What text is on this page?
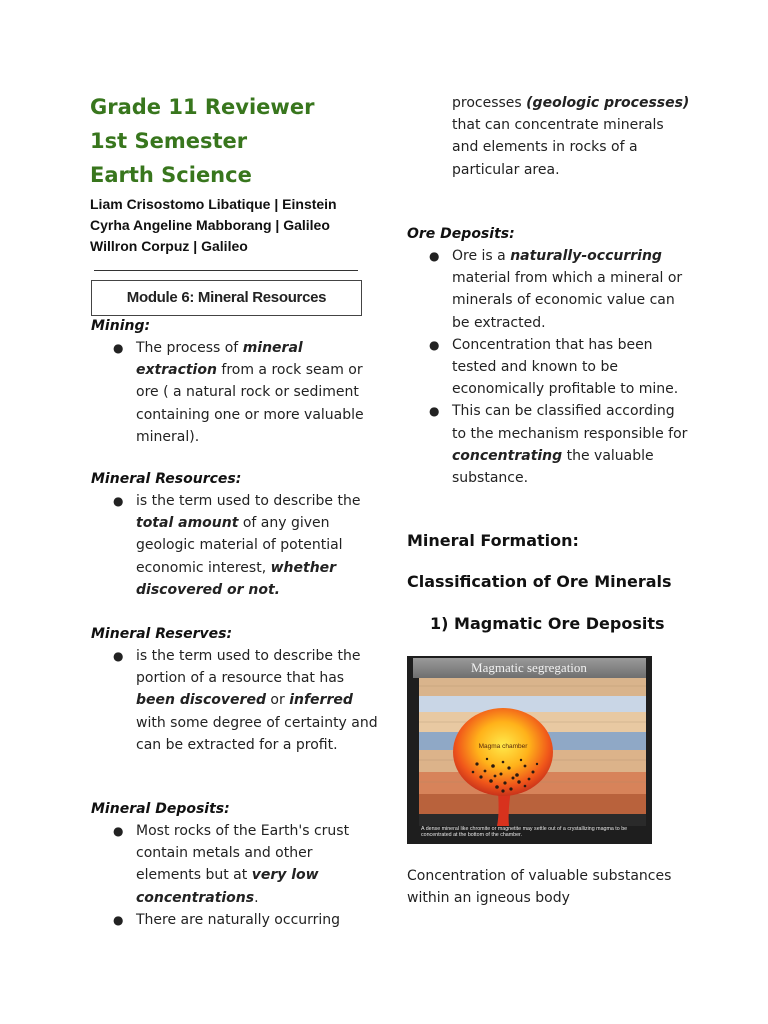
Grade 11 Reviewer

1st Semester

Earth Science

Liam Crisostomo Libatique | Einstein
Cyrha Angeline Mabborang | Galileo
Willron Corpuz | Galileo
Module 6: Mineral Resources
Mining:
● The process of mineral extraction from a rock seam or ore ( a natural rock or sediment containing one or more valuable mineral).
Mineral Resources:
● is the term used to describe the total amount of any given geologic material of potential economic interest, whether discovered or not.
Mineral Reserves:
● is the term used to describe the portion of a resource that has been discovered or inferred with some degree of certainty and can be extracted for a profit.
Mineral Deposits:
● Most rocks of the Earth's crust contain metals and other elements but at very low concentrations.
● There are naturally occurring
processes (geologic processes) that can concentrate minerals and elements in rocks of a particular area.
Ore Deposits:
● Ore is a naturally-occurring material from which a mineral or minerals of economic value can be extracted.
● Concentration that has been tested and known to be economically profitable to mine.
● This can be classified according to the mechanism responsible for concentrating the valuable substance.
Mineral Formation:
Classification of Ore Minerals
1) Magmatic Ore Deposits
Magmatic segregation
Magma chamber
A dense mineral like chromite or magnetite may settle out of a crystallizing magma to be concentrated at the bottom of the chamber.
Concentration of valuable substances within an igneous body
